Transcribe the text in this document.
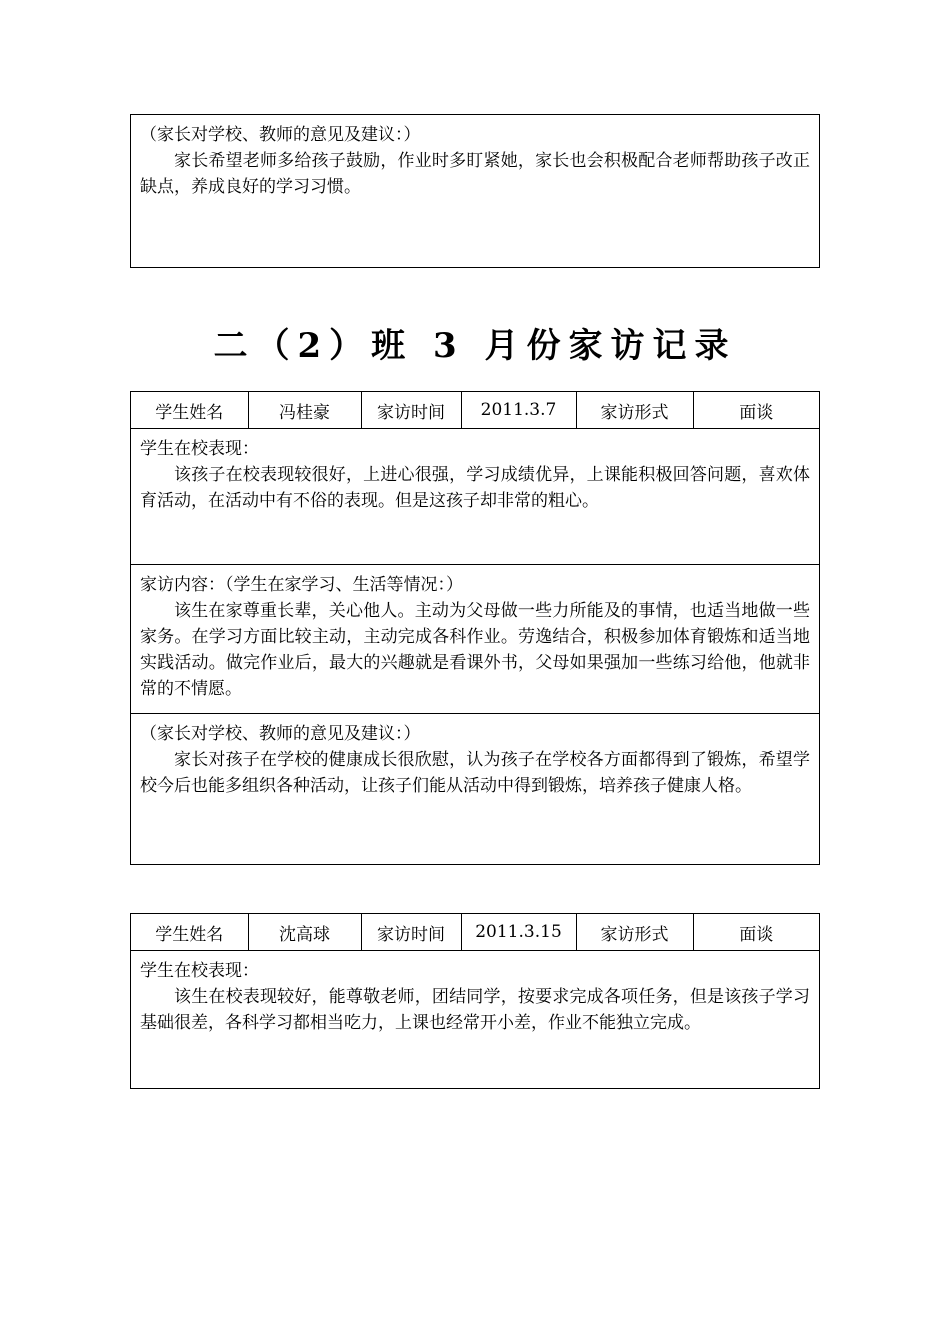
（家长对学校、教师的意见及建议：）
家长希望老师多给孩子鼓励，作业时多盯紧她，家长也会积极配合老师帮助孩子改正缺点，养成良好的学习习惯。
二（2）班 3 月份家访记录
学生姓名	冯桂豪	家访时间	2011.3.7	家访形式	面谈
学生在校表现：
该孩子在校表现较很好，上进心很强，学习成绩优异，上课能积极回答问题，喜欢体育活动，在活动中有不俗的表现。但是这孩子却非常的粗心。
家访内容：（学生在家学习、生活等情况：）
该生在家尊重长辈，关心他人。主动为父母做一些力所能及的事情，也适当地做一些家务。在学习方面比较主动，主动完成各科作业。劳逸结合，积极参加体育锻炼和适当地实践活动。做完作业后，最大的兴趣就是看课外书，父母如果强加一些练习给他，他就非常的不情愿。
（家长对学校、教师的意见及建议：）
家长对孩子在学校的健康成长很欣慰，认为孩子在学校各方面都得到了锻炼，希望学校今后也能多组织各种活动，让孩子们能从活动中得到锻炼，培养孩子健康人格。
学生姓名	沈高球	家访时间	2011.3.15	家访形式	面谈
学生在校表现：
该生在校表现较好，能尊敬老师，团结同学，按要求完成各项任务，但是该孩子学习基础很差，各科学习都相当吃力，上课也经常开小差，作业不能独立完成。
